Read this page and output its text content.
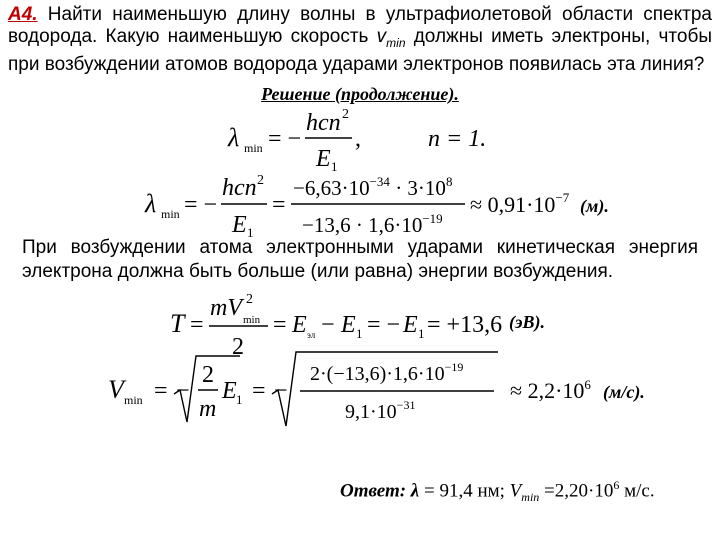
А4. Найти наименьшую длину волны в ультрафиолетовой области спектра водорода. Какую наименьшую скорость $v_{min}$ должны иметь электроны, чтобы при возбуждении атомов водорода ударами электронов появилась эта линия?
Решение (продолжение).
λ min = −
hcn 2
E 1
,	n = 1.
λ min = −
hcn 2
E 1
=
$-6,63\cdot 10^{-34} \cdot 3\cdot 10^8$
$-13,6 \cdot 1,6\cdot 10^{-19}$
≈ $0,91\cdot 10^{-7}$ (м).
При возбуждении атома электронными ударами кинетическая энергия электрона должна быть больше (или равна) энергии возбуждения.
T =
mV 2
min
2
= E эл − E 1 = − E 1 = +13,6 (эВ).
V min = −
2
m
E 1 = −
$2\cdot(-13,6)\cdot 1,6\cdot 10^{-19}$
$9,1\cdot 10^{-31}$
≈ $2,2\cdot 10^6$ (м/с).
Ответ: λ = 91,4 нм; $V_{min} =2,20\cdot 10^6$ м/с.
